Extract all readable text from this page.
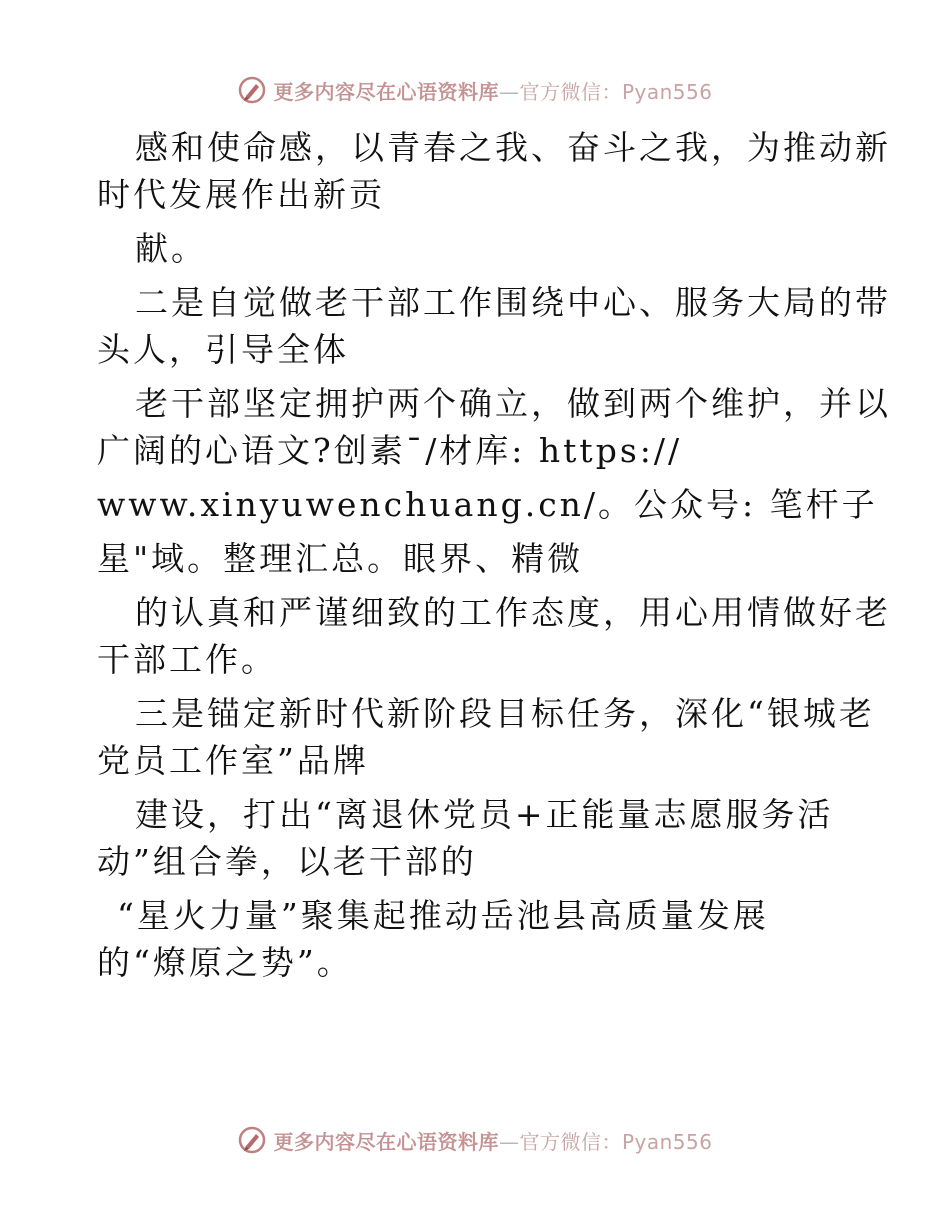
更多内容尽在心语资料库—官方微信：Pyan556
感和使命感，以青春之我、奋斗之我，为推动新
时代发展作出新贡
献。
二是自觉做老干部工作围绕中心、服务大局的带
头人，引导全体
老干部坚定拥护两个确立，做到两个维护，并以
广阔的心语文?创素¯/材库: https://
www.xinyuwenchuang.cn/。公众号: 笔杆子
星"域。整理汇总。眼界、精微
的认真和严谨细致的工作态度，用心用情做好老
干部工作。
三是锚定新时代新阶段目标任务，深化“银城老
党员工作室”品牌
建设，打出“离退休党员+正能量志愿服务活
动”组合拳，以老干部的
“星火力量”聚集起推动岳池县高质量发展
的“燎原之势”。
更多内容尽在心语资料库—官方微信：Pyan556
